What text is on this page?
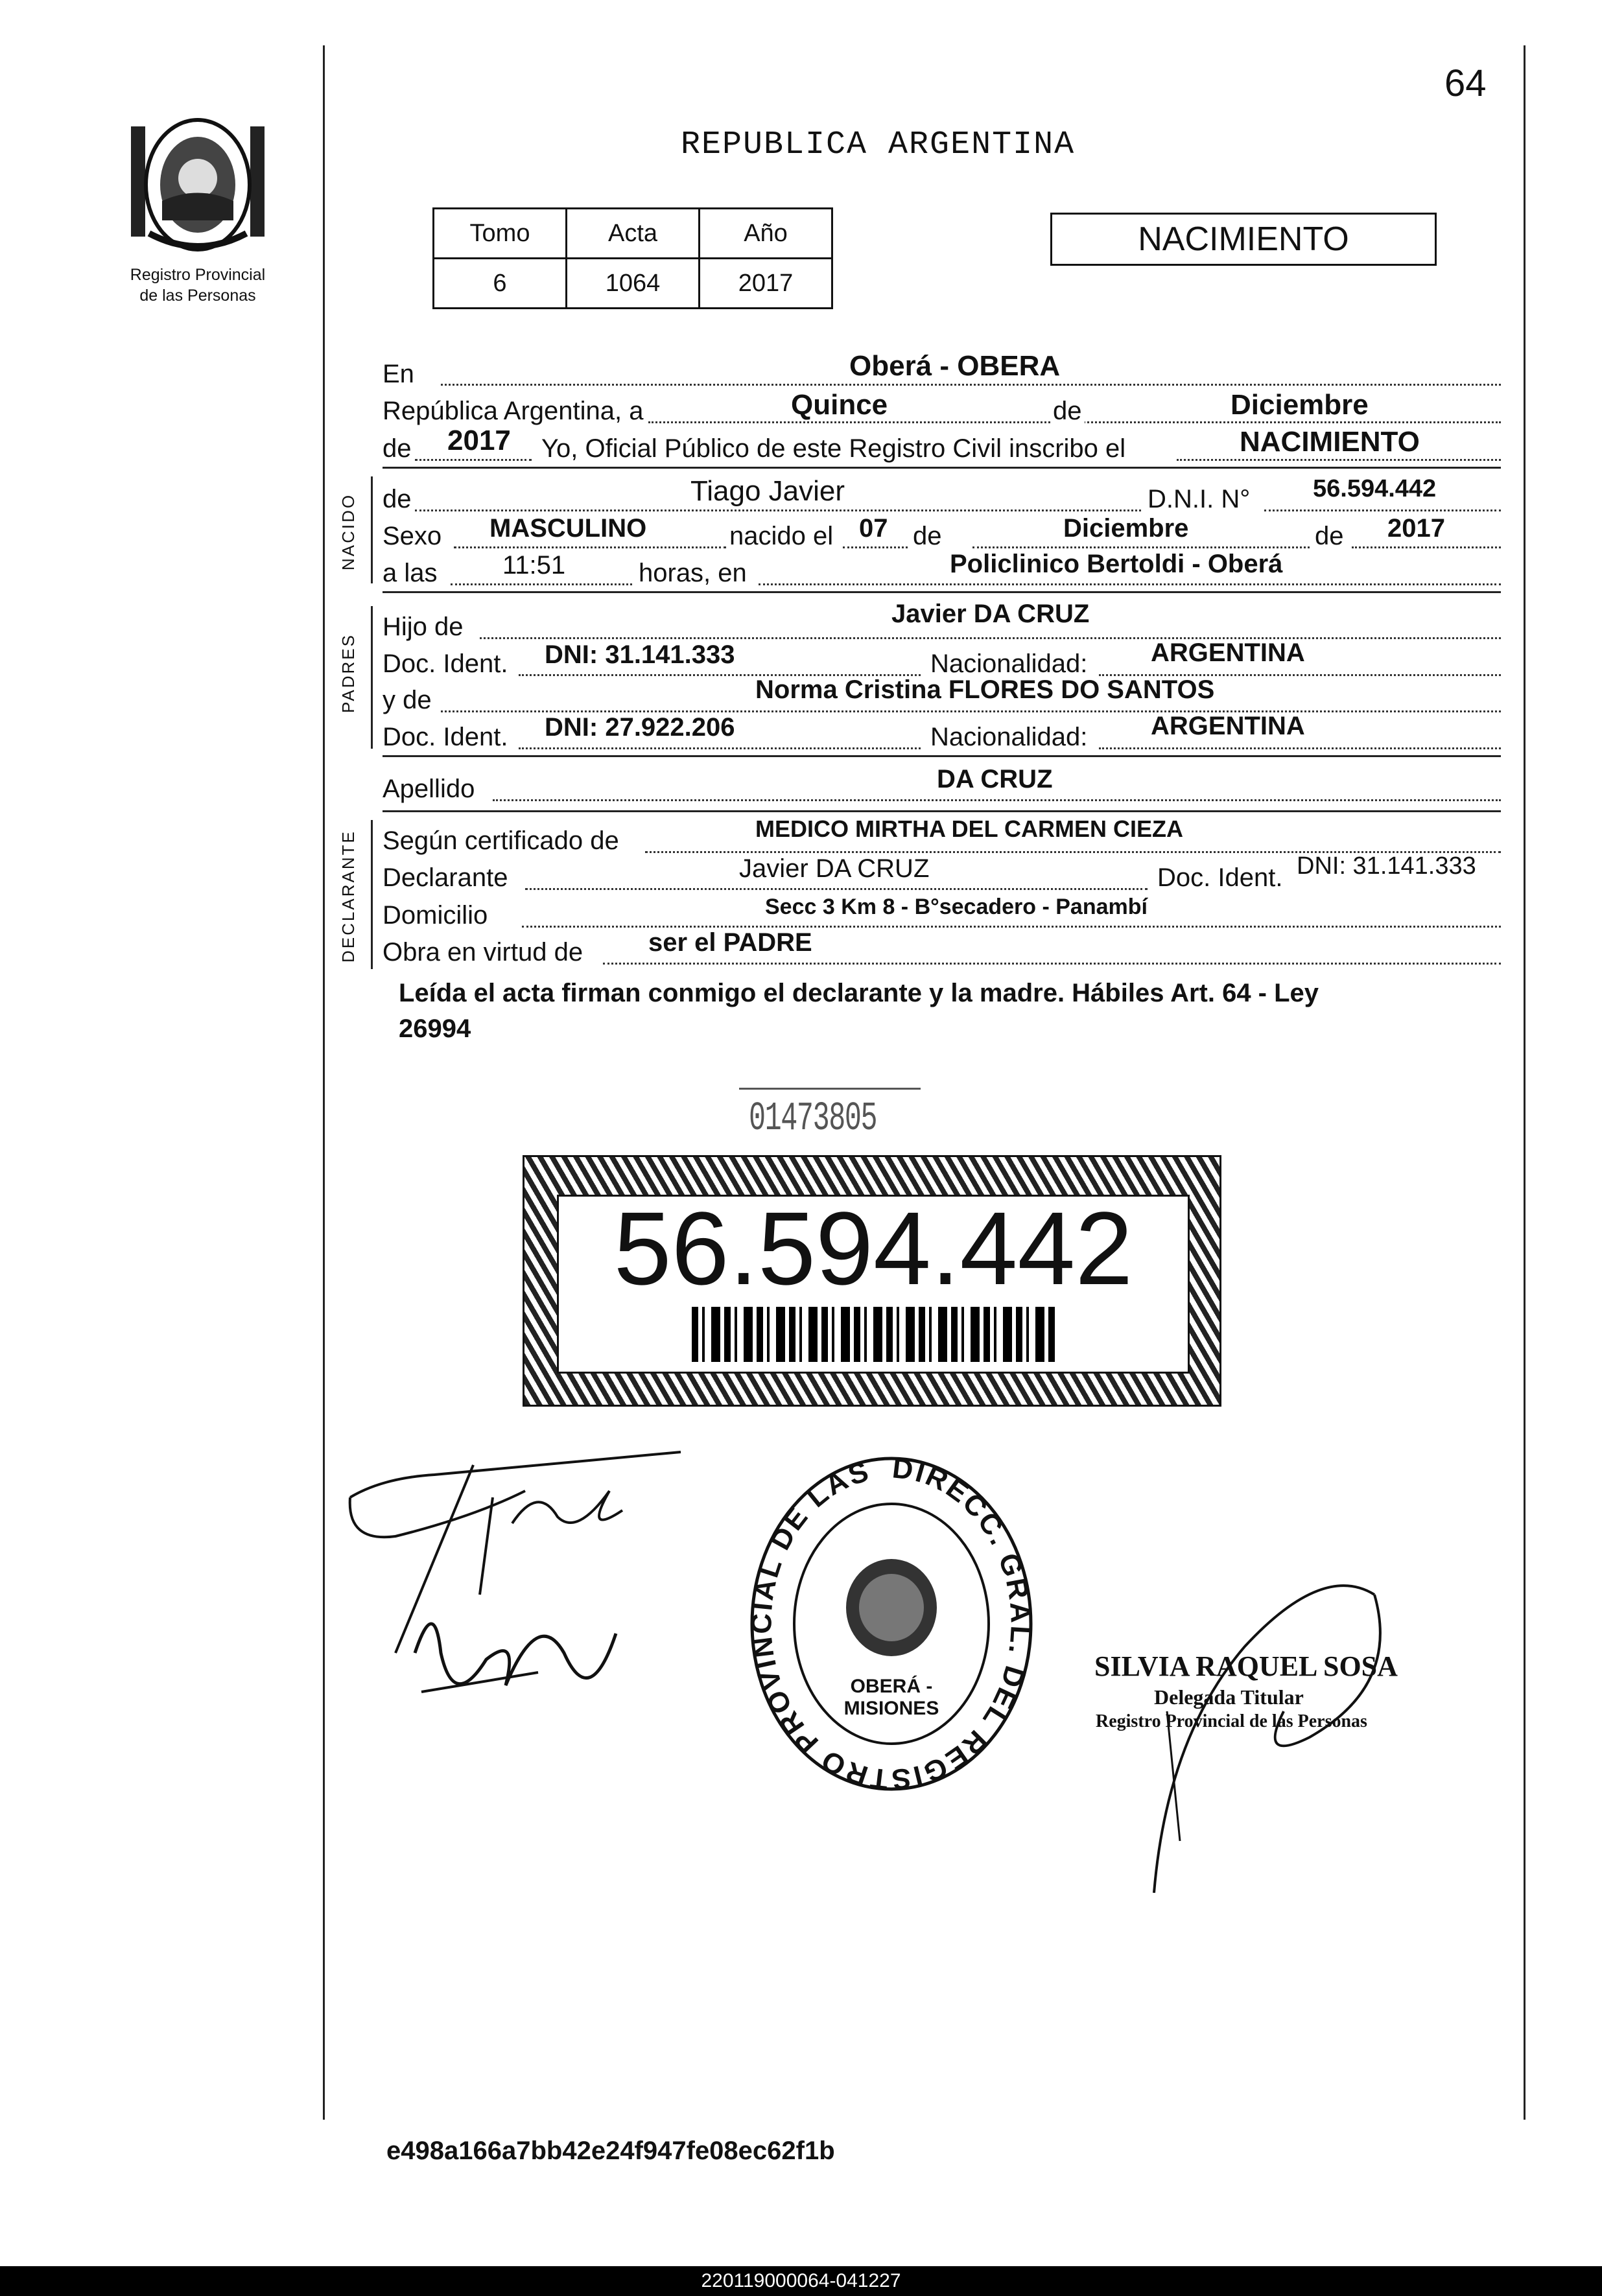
64
Registro Provincial
de las Personas
REPUBLICA ARGENTINA
Tomo	Acta	Año
6	1064	2017
NACIMIENTO
En	Oberá - OBERA
República Argentina, a	Quince	de	Diciembre
de 2017 Yo, Oficial Público de este Registro Civil inscribo el	NACIMIENTO
NACIDO de	Tiago Javier	D.N.I. N°	56.594.442
Sexo MASCULINO	nacido el 07 de	Diciembre	de 2017
a las	11:51	horas, en	Policlinico Bertoldi - Oberá
PADRES
Hijo de	Javier DA CRUZ
Doc. Ident. DNI: 31.141.333	Nacionalidad: ARGENTINA
y de	Norma Cristina FLORES DO SANTOS
Doc. Ident. DNI: 27.922.206	Nacionalidad: ARGENTINA
Apellido	DA CRUZ
DECLARANTE Según certificado de	MEDICO MIRTHA DEL CARMEN CIEZA
Declarante	Javier DA CRUZ	Doc. Ident. DNI: 31.141.333
Domicilio	Secc 3 Km 8 - B°secadero - Panambí
Obra en virtud de	ser el PADRE
Leída el acta firman conmigo el declarante y la madre. Hábiles Art. 64 - Ley
26994
01473805
56.594.442
DIRECC. GRAL. DEL REGISTRO PROVINCIAL DE LAS
OBERÁ - MISIONES
SILVIA RAQUEL SOSA
Delegada Titular
Registro Provincial de las Personas
e498a166a7bb42e24f947fe08ec62f1b
220119000064-041227
